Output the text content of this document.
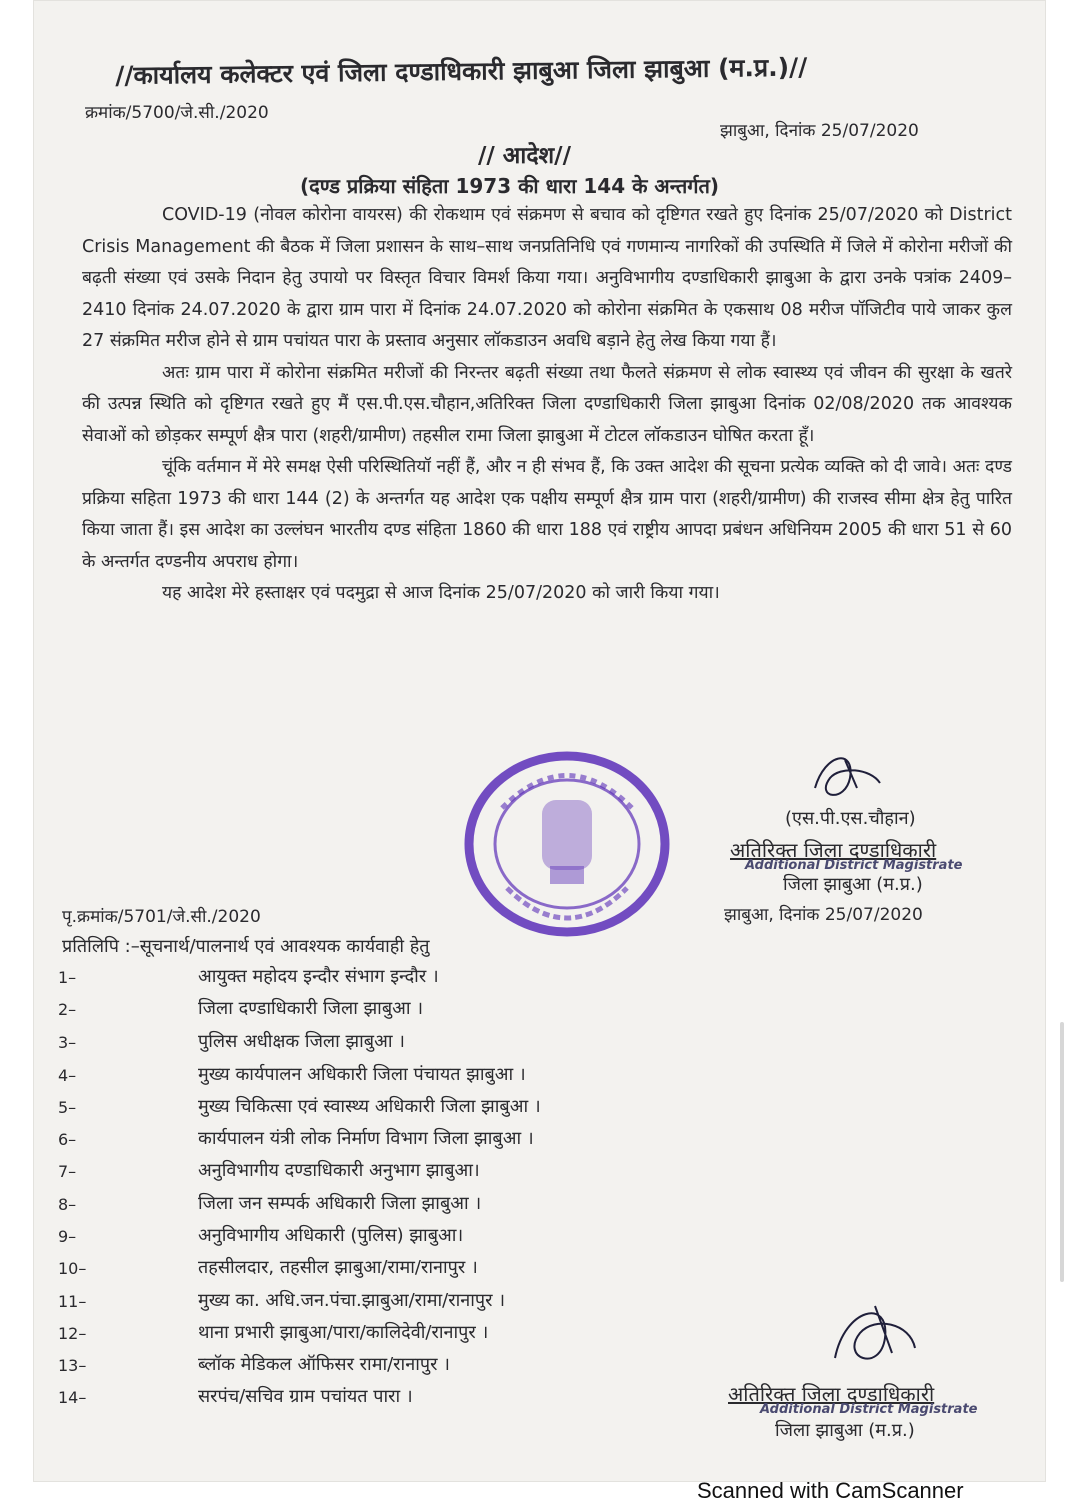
//कार्यालय कलेक्टर एवं जिला दण्डाधिकारी झाबुआ जिला झाबुआ (म.प्र.)//
क्रमांक/5700/जे.सी./2020
झाबुआ, दिनांक 25/07/2020
// आदेश//
(दण्ड प्रक्रिया संहिता 1973 की धारा 144 के अन्तर्गत)

COVID-19 (नोवल कोरोना वायरस) की रोकथाम एवं संक्रमण से बचाव को दृष्टिगत रखते हुए दिनांक 25/07/2020 को District Crisis Management की बैठक में जिला प्रशासन के साथ–साथ जनप्रतिनिधि एवं गणमान्य नागरिकों की उपस्थिति में जिले में कोरोना मरीजों की बढ़ती संख्या एवं उसके निदान हेतु उपायो पर विस्तृत विचार विमर्श किया गया। अनुविभागीय दण्डाधिकारी झाबुआ के द्वारा उनके पत्रांक 2409–2410 दिनांक 24.07.2020 के द्वारा ग्राम पारा में दिनांक 24.07.2020 को कोरोना संक्रमित के एकसाथ 08 मरीज पॉजिटीव पाये जाकर कुल 27 संक्रमित मरीज होने से ग्राम पचांयत पारा के प्रस्ताव अनुसार लॉकडाउन अवधि बड़ाने हेतु लेख किया गया हैं।

अतः ग्राम पारा में कोरोना संक्रमित मरीजों की निरन्तर बढ़ती संख्या तथा फैलते संक्रमण से लोक स्वास्थ्य एवं जीवन की सुरक्षा के खतरे की उत्पन्न स्थिति को दृष्टिगत रखते हुए मैं एस.पी.एस.चौहान,अतिरिक्त जिला दण्डाधिकारी जिला झाबुआ दिनांक 02/08/2020 तक आवश्यक सेवाओं को छोड़कर सम्पूर्ण क्षैत्र पारा (शहरी/ग्रामीण) तहसील रामा जिला झाबुआ में टोटल लॉकडाउन घोषित करता हूँ।

चूंकि वर्तमान में मेरे समक्ष ऐसी परिस्थितियॉ नहीं हैं, और न ही संभव हैं, कि उक्त आदेश की सूचना प्रत्येक व्यक्ति को दी जावे। अतः दण्ड प्रक्रिया सहिता 1973 की धारा 144 (2) के अन्तर्गत यह आदेश एक पक्षीय सम्पूर्ण क्षैत्र ग्राम पारा (शहरी/ग्रामीण) की राजस्व सीमा क्षेत्र हेतु पारित किया जाता हैं। इस आदेश का उल्लंघन भारतीय दण्ड संहिता 1860 की धारा 188 एवं राष्ट्रीय आपदा प्रबंधन अधिनियम 2005 की धारा 51 से 60 के अन्तर्गत दण्डनीय अपराध होगा।

यह आदेश मेरे हस्ताक्षर एवं पदमुद्रा से आज दिनांक 25/07/2020 को जारी किया गया।

(एस.पी.एस.चौहान)
अतिरिक्त जिला दण्डाधिकारी
Additional District Magistrate
जिला झाबुआ (म.प्र.)
पृ.क्रमांक/5701/जे.सी./2020	झाबुआ, दिनांक 25/07/2020
प्रतिलिपि :–सूचनार्थ/पालनार्थ एवं आवश्यक कार्यवाही हेतु
1–	आयुक्त महोदय इन्दौर संभाग इन्दौर ।
2–	जिला दण्डाधिकारी जिला झाबुआ ।
3–	पुलिस अधीक्षक जिला झाबुआ ।
4–	मुख्य कार्यपालन अधिकारी जिला पंचायत झाबुआ ।
5–	मुख्य चिकित्सा एवं स्वास्थ्य अधिकारी जिला झाबुआ ।
6–	कार्यपालन यंत्री लोक निर्माण विभाग जिला झाबुआ ।
7–	अनुविभागीय दण्डाधिकारी अनुभाग झाबुआ।
8–	जिला जन सम्पर्क अधिकारी जिला झाबुआ ।
9–	अनुविभागीय अधिकारी (पुलिस) झाबुआ।
10–	तहसीलदार, तहसील झाबुआ/रामा/रानापुर ।
11–	मुख्य का. अधि.जन.पंचा.झाबुआ/रामा/रानापुर ।
12–	थाना प्रभारी झाबुआ/पारा/कालिदेवी/रानापुर ।
13–	ब्लॉक मेडिकल ऑफिसर रामा/रानापुर ।
14–	सरपंच/सचिव ग्राम पचांयत पारा ।	अतिरिक्त जिला दण्डाधिकारी
Additional District Magistrate
जिला झाबुआ (म.प्र.)
Scanned with CamScanner
